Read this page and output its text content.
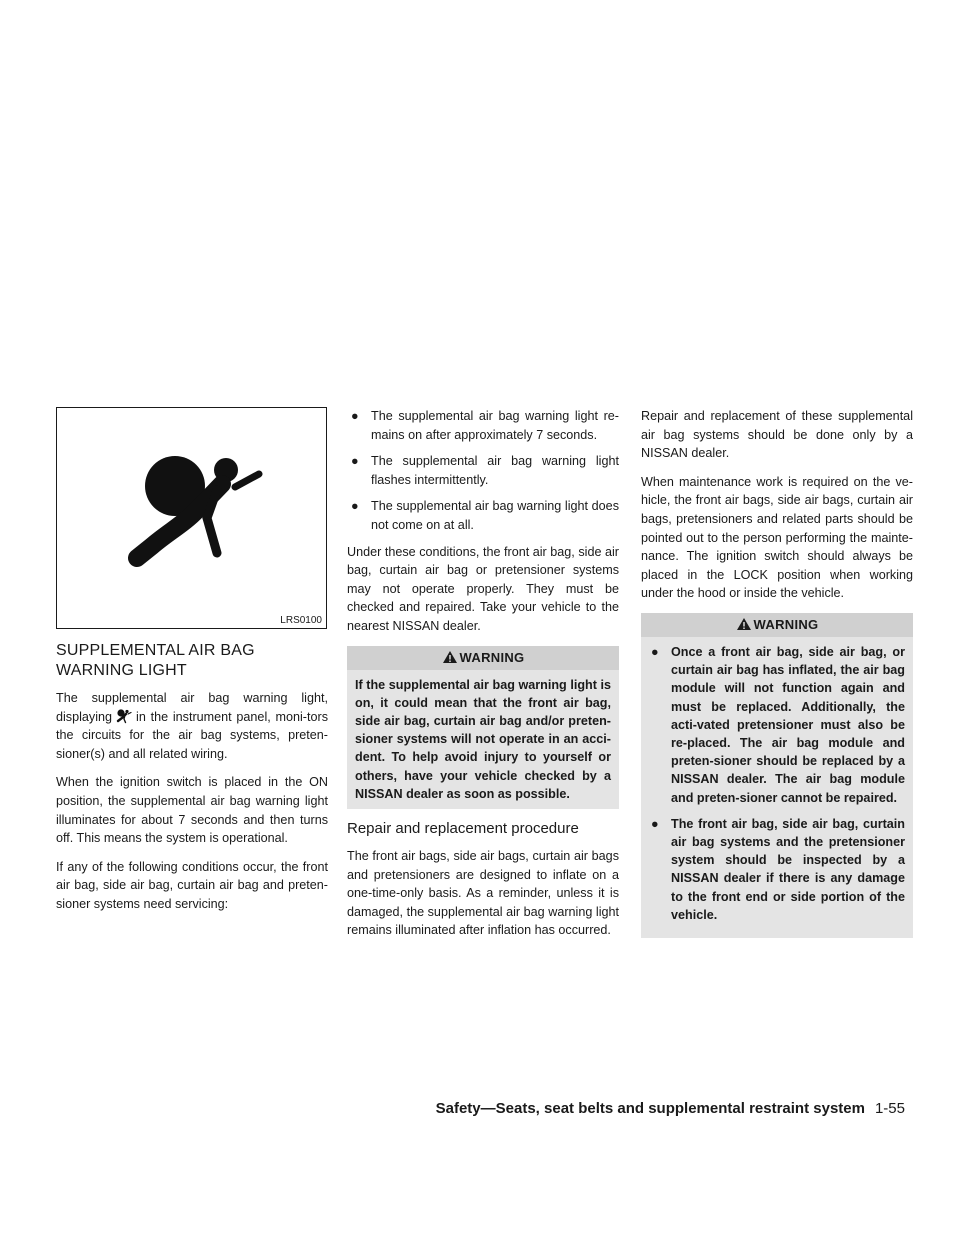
LRS0100
SUPPLEMENTAL AIR BAG WARNING LIGHT

The supplemental air bag warning light, displaying in the instrument panel, moni-tors the circuits for the air bag systems, preten-sioner(s) and all related wiring.

When the ignition switch is placed in the ON position, the supplemental air bag warning light illuminates for about 7 seconds and then turns off. This means the system is operational.

If any of the following conditions occur, the front air bag, side air bag, curtain air bag and preten-sioner systems need servicing:

● The supplemental air bag warning light re-mains on after approximately 7 seconds.
● The supplemental air bag warning light flashes intermittently.
● The supplemental air bag warning light does not come on at all.

Under these conditions, the front air bag, side air bag, curtain air bag or pretensioner systems may not operate properly. They must be checked and repaired. Take your vehicle to the nearest NISSAN dealer.

WARNING
If the supplemental air bag warning light is on, it could mean that the front air bag, side air bag, curtain air bag and/or preten-sioner systems will not operate in an acci-dent. To help avoid injury to yourself or others, have your vehicle checked by a NISSAN dealer as soon as possible.
Repair and replacement procedure

The front air bags, side air bags, curtain air bags and pretensioners are designed to inflate on a one-time-only basis. As a reminder, unless it is damaged, the supplemental air bag warning light remains illuminated after inflation has occurred.

Repair and replacement of these supplemental air bag systems should be done only by a NISSAN dealer.

When maintenance work is required on the ve-hicle, the front air bags, side air bags, curtain air bags, pretensioners and related parts should be pointed out to the person performing the mainte-nance. The ignition switch should always be placed in the LOCK position when working under the hood or inside the vehicle.

WARNING
● Once a front air bag, side air bag, or curtain air bag has inflated, the air bag module will not function again and must be replaced. Additionally, the acti-vated pretensioner must also be re-placed. The air bag module and preten-sioner should be replaced by a NISSAN dealer. The air bag module and preten-sioner cannot be repaired.
● The front air bag, side air bag, curtain air bag systems and the pretensioner system should be inspected by a NISSAN dealer if there is any damage to the front end or side portion of the vehicle.
Safety—Seats, seat belts and supplemental restraint system 1-55
